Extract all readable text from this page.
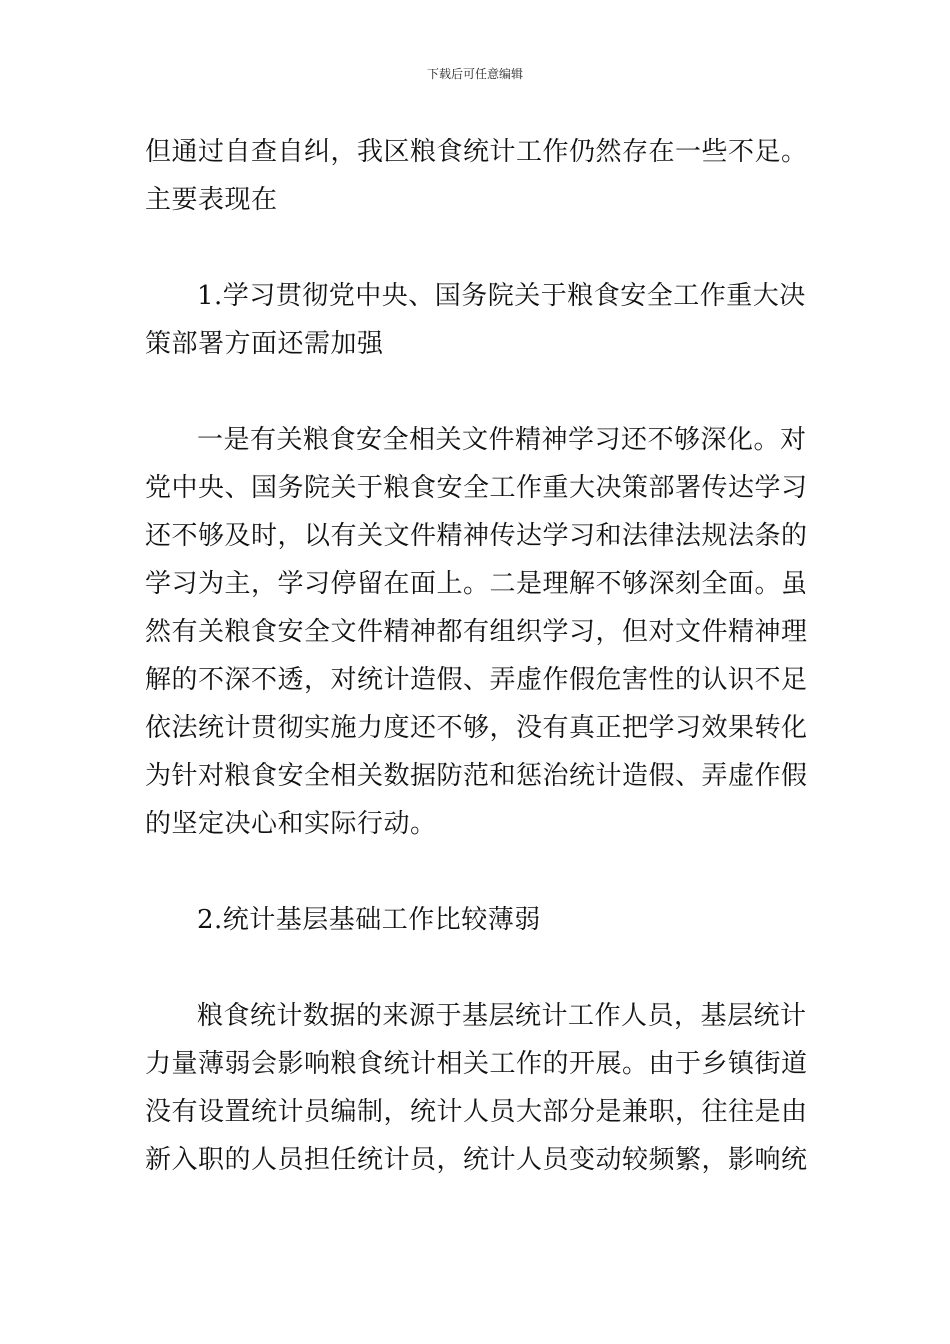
下载后可任意编辑

但通过自查自纠，我区粮食统计工作仍然存在一些不足。
主要表现在

1.学习贯彻党中央、国务院关于粮食安全工作重大决
策部署方面还需加强

一是有关粮食安全相关文件精神学习还不够深化。对
党中央、国务院关于粮食安全工作重大决策部署传达学习
还不够及时，以有关文件精神传达学习和法律法规法条的
学习为主，学习停留在面上。二是理解不够深刻全面。虽
然有关粮食安全文件精神都有组织学习，但对文件精神理
解的不深不透，对统计造假、弄虚作假危害性的认识不足
依法统计贯彻实施力度还不够，没有真正把学习效果转化
为针对粮食安全相关数据防范和惩治统计造假、弄虚作假
的坚定决心和实际行动。

2.统计基层基础工作比较薄弱

粮食统计数据的来源于基层统计工作人员，基层统计
力量薄弱会影响粮食统计相关工作的开展。由于乡镇街道
没有设置统计员编制，统计人员大部分是兼职，往往是由
新入职的人员担任统计员，统计人员变动较频繁，影响统
